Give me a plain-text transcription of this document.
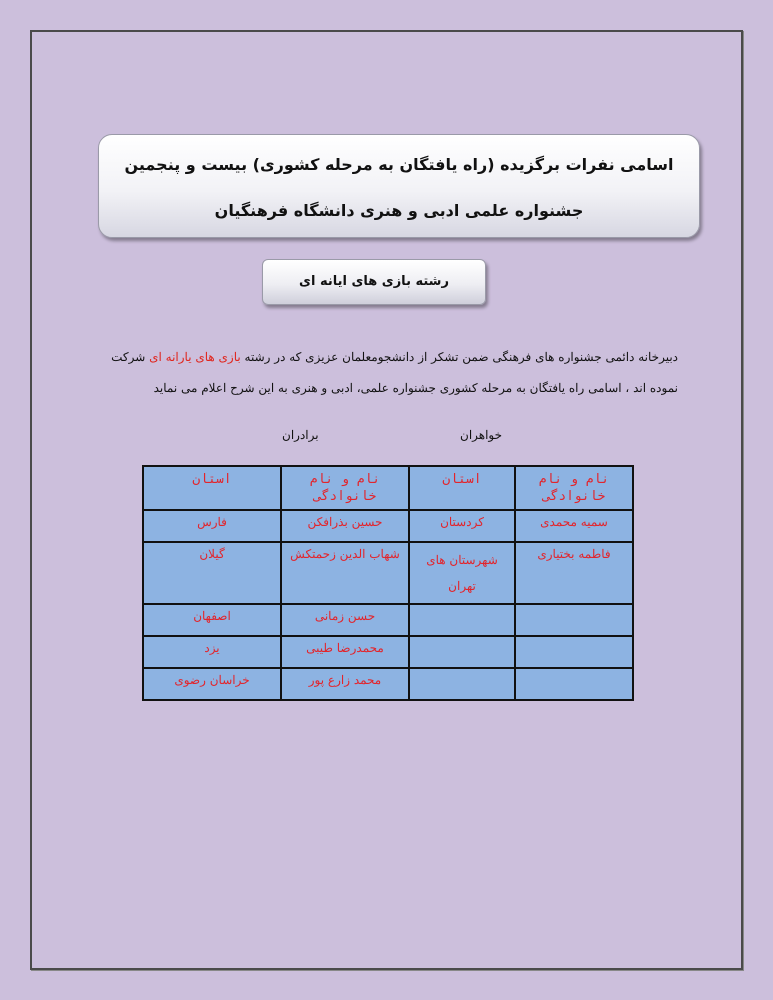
اسامی نفرات برگزیده (راه یافتگان به مرحله کشوری) بیست و پنجمین
جشنواره علمی ادبی و هنری دانشگاه فرهنگیان
رشته بازی های ایانه ای
دبیرخانه دائمی جشنواره های فرهنگی ضمن تشکر از دانشجومعلمان عزیزی که در رشته بازی های یارانه ای شرکت نموده اند ، اسامی راه یافتگان به مرحله کشوری جشنواره علمی، ادبی و هنری به این شرح اعلام می نماید
خواهران
برادران
نام و نام خانوادگی	استان	نام و نام خانوادگی	استان
سمیه محمدی	کردستان	حسین بذرافکن	فارس
فاطمه بختیاری	شهرستان های تهران	شهاب الدین زحمتکش	گیلان
		حسن زمانی	اصفهان
		محمدرضا طیبی	یزد
		محمد زارع پور	خراسان رضوی
